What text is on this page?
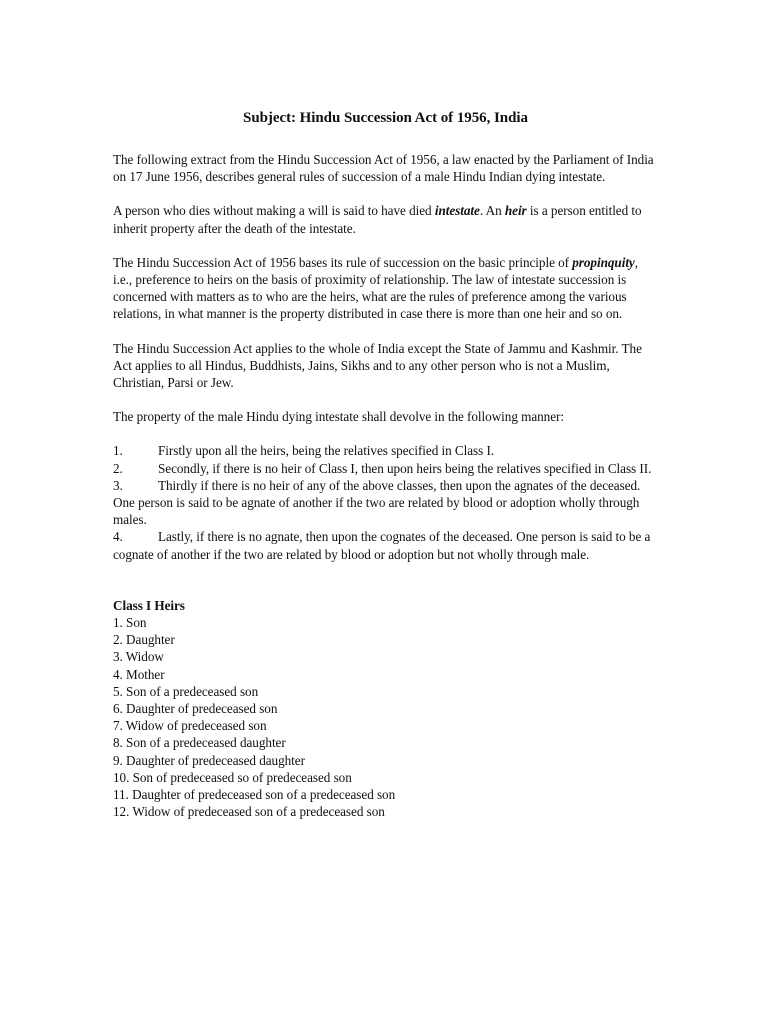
Subject: Hindu Succession Act of 1956, India

The following extract from the Hindu Succession Act of 1956, a law enacted by the Parliament of India on 17 June 1956, describes general rules of succession of a male Hindu Indian dying intestate.

A person who dies without making a will is said to have died intestate. An heir is a person entitled to inherit property after the death of the intestate.

The Hindu Succession Act of 1956 bases its rule of succession on the basic principle of propinquity, i.e., preference to heirs on the basis of proximity of relationship. The law of intestate succession is concerned with matters as to who are the heirs, what are the rules of preference among the various relations, in what manner is the property distributed in case there is more than one heir and so on.

The Hindu Succession Act applies to the whole of India except the State of Jammu and Kashmir. The Act applies to all Hindus, Buddhists, Jains, Sikhs and to any other person who is not a Muslim, Christian, Parsi or Jew.

The property of the male Hindu dying intestate shall devolve in the following manner:

1.	Firstly upon all the heirs, being the relatives specified in Class I.
2.	Secondly, if there is no heir of Class I, then upon heirs being the relatives specified in Class II.
3.	Thirdly if there is no heir of any of the above classes, then upon the agnates of the deceased. One person is said to be agnate of another if the two are related by blood or adoption wholly through males.
4.	Lastly, if there is no agnate, then upon the cognates of the deceased. One person is said to be a cognate of another if the two are related by blood or adoption but not wholly through male.
Class I Heirs
1. Son
2. Daughter
3. Widow
4. Mother
5. Son of a predeceased son
6. Daughter of predeceased son
7. Widow of predeceased son
8. Son of a predeceased daughter
9. Daughter of predeceased daughter
10. Son of predeceased so of predeceased son
11. Daughter of predeceased son of a predeceased son
12. Widow of predeceased son of a predeceased son
